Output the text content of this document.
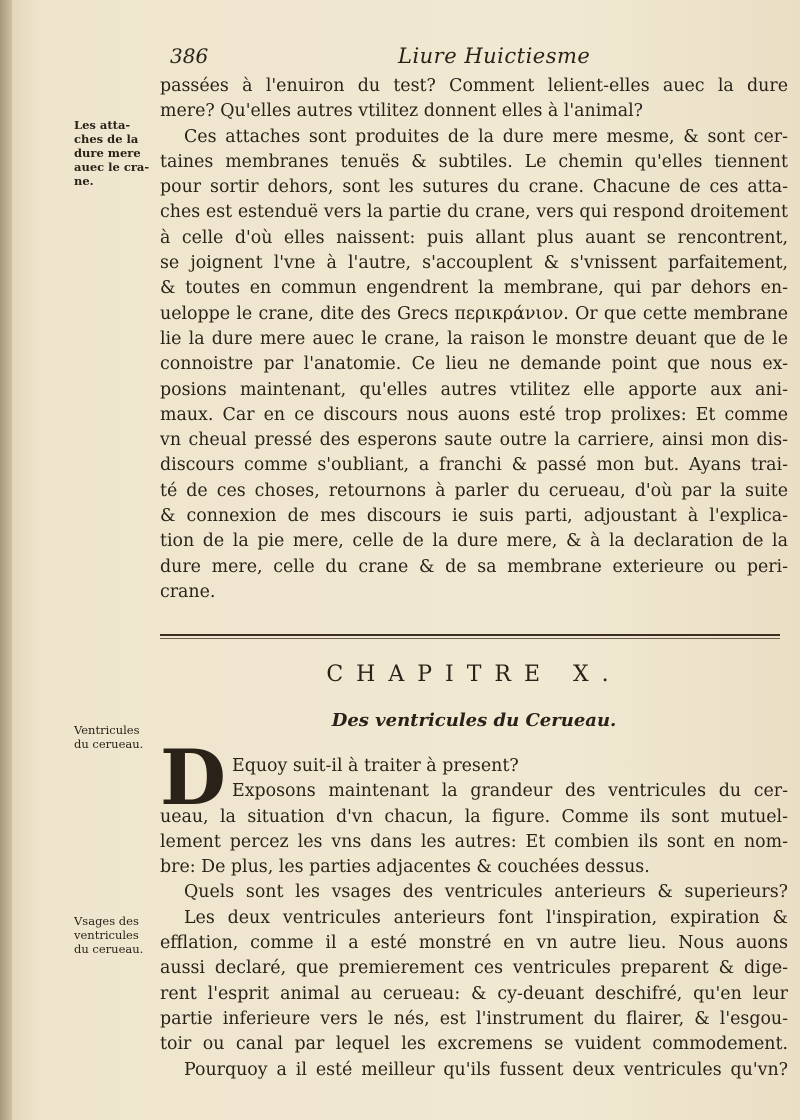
386	Liure Huictiesme
Les atta-
ches de la
dure mere
auec le cra-
ne.
passées à l'enuiron du test? Comment lelient-elles auec la dure
mere? Qu'elles autres vtilitez donnent elles à l'animal?
Ces attaches sont produites de la dure mere mesme, & sont cer-
taines membranes tenuës & subtiles. Le chemin qu'elles tiennent
pour sortir dehors, sont les sutures du crane. Chacune de ces atta-
ches est estenduë vers la partie du crane, vers qui respond droitement
à celle d'où elles naissent: puis allant plus auant se rencontrent,
se joignent l'vne à l'autre, s'accouplent & s'vnissent parfaitement,
& toutes en commun engendrent la membrane, qui par dehors en-
ueloppe le crane, dite des Grecs περικράνιον. Or que cette membrane
lie la dure mere auec le crane, la raison le monstre deuant que de le
connoistre par l'anatomie. Ce lieu ne demande point que nous ex-
posions maintenant, qu'elles autres vtilitez elle apporte aux ani-
maux. Car en ce discours nous auons esté trop prolixes: Et comme
vn cheual pressé des esperons saute outre la carriere, ainsi mon dis-
discours comme s'oubliant, a franchi & passé mon but. Ayans trai-
té de ces choses, retournons à parler du cerueau, d'où par la suite
& connexion de mes discours ie suis parti, adjoustant à l'explica-
tion de la pie mere, celle de la dure mere, & à la declaration de la
dure mere, celle du crane & de sa membrane exterieure ou peri-
crane.
CHAPITRE X.
Des ventricules du Cerueau.
Ventricules
du cerueau. D Equoy suit-il à traiter à present?
Exposons maintenant la grandeur des ventricules du cer-
ueau, la situation d'vn chacun, la figure. Comme ils sont mutuel-
lement percez les vns dans les autres: Et combien ils sont en nom-
bre: De plus, les parties adjacentes & couchées dessus.
Quels sont les vsages des ventricules anterieurs & superieurs?
Les deux ventricules anterieurs font l'inspiration, expiration &
efflation, comme il a esté monstré en vn autre lieu. Nous auons
aussi declaré, que premierement ces ventricules preparent & dige-
rent l'esprit animal au cerueau: & cy-deuant deschifré, qu'en leur
partie inferieure vers le nés, est l'instrument du flairer, & l'esgou-
toir ou canal par lequel les excremens se vuident commodement.
Pourquoy a il esté meilleur qu'ils fussent deux ventricules qu'vn?
Vsages des
ventricules
du cerueau.
